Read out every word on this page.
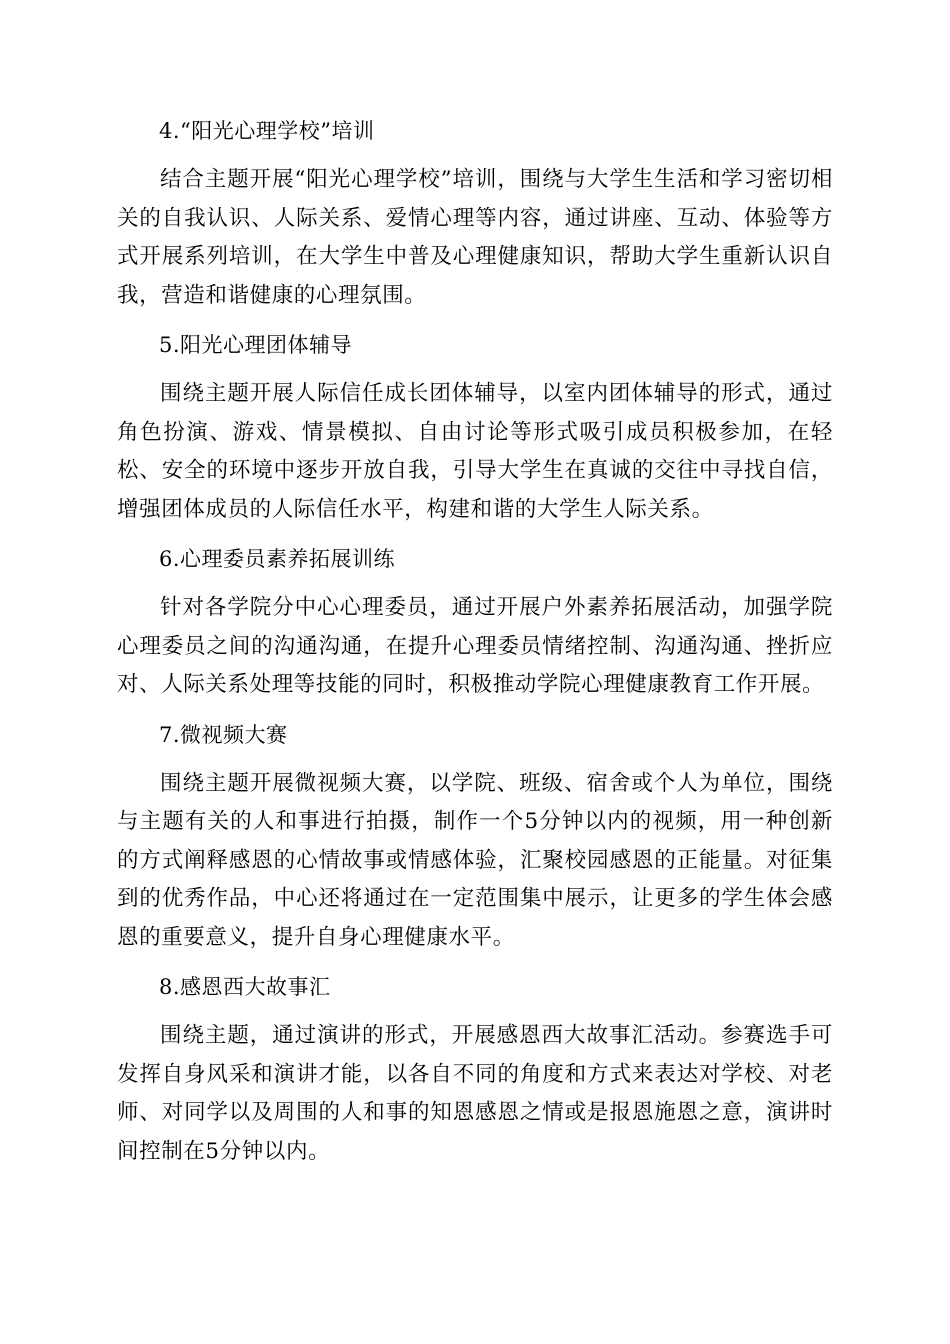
4.“阳光心理学校”培训

结合主题开展“阳光心理学校”培训，围绕与大学生生活和学习密切相关的自我认识、人际关系、爱情心理等内容，通过讲座、互动、体验等方式开展系列培训，在大学生中普及心理健康知识，帮助大学生重新认识自我，营造和谐健康的心理氛围。

5.阳光心理团体辅导

围绕主题开展人际信任成长团体辅导，以室内团体辅导的形式，通过角色扮演、游戏、情景模拟、自由讨论等形式吸引成员积极参加，在轻松、安全的环境中逐步开放自我，引导大学生在真诚的交往中寻找自信，增强团体成员的人际信任水平，构建和谐的大学生人际关系。

6.心理委员素养拓展训练

针对各学院分中心心理委员，通过开展户外素养拓展活动，加强学院心理委员之间的沟通沟通，在提升心理委员情绪控制、沟通沟通、挫折应对、人际关系处理等技能的同时，积极推动学院心理健康教育工作开展。

7.微视频大赛

围绕主题开展微视频大赛，以学院、班级、宿舍或个人为单位，围绕与主题有关的人和事进行拍摄，制作一个5分钟以内的视频，用一种创新的方式阐释感恩的心情故事或情感体验，汇聚校园感恩的正能量。对征集到的优秀作品，中心还将通过在一定范围集中展示，让更多的学生体会感恩的重要意义，提升自身心理健康水平。

8.感恩西大故事汇

围绕主题，通过演讲的形式，开展感恩西大故事汇活动。参赛选手可发挥自身风采和演讲才能，以各自不同的角度和方式来表达对学校、对老师、对同学以及周围的人和事的知恩感恩之情或是报恩施恩之意，演讲时间控制在5分钟以内。
